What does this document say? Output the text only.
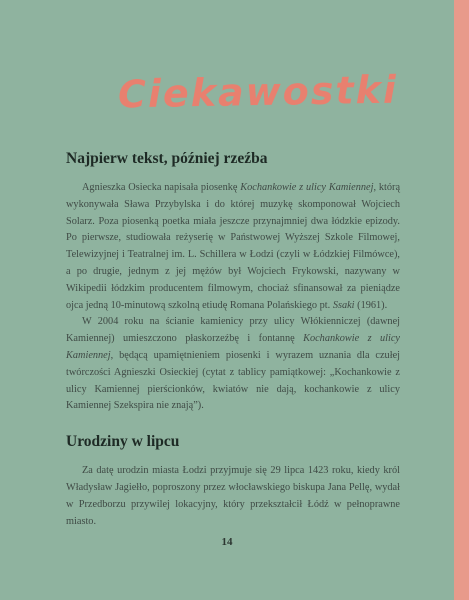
Ciekawostki
Najpierw tekst, później rzeźba

Agnieszka Osiecka napisała piosenkę Kochankowie z ulicy Kamiennej, którą wykonywała Sława Przybylska i do której muzykę skomponował Wojciech Solarz. Poza piosenką poetka miała jeszcze przynajmniej dwa łódzkie epizody. Po pierwsze, studiowała reżyserię w Państwowej Wyższej Szkole Filmowej, Telewizyjnej i Teatralnej im. L. Schillera w Łodzi (czyli w Łódzkiej Filmówce), a po drugie, jednym z jej mężów był Wojciech Frykowski, nazywany w Wikipedii łódzkim producentem filmowym, chociaż sfinansował za pieniądze ojca jedną 10-minutową szkolną etiudę Romana Polańskiego pt. Ssaki (1961).

W 2004 roku na ścianie kamienicy przy ulicy Włókienniczej (dawnej Kamiennej) umieszczono płaskorzeźbę i fontannę Kochankowie z ulicy Kamiennej, będącą upamiętnieniem piosenki i wyrazem uznania dla czułej twórczości Agnieszki Osieckiej (cytat z tablicy pamiątkowej: „Kochankowie z ulicy Kamiennej pierścionków, kwiatów nie dają, kochankowie z ulicy Kamiennej Szekspira nie znają”).

Urodziny w lipcu

Za datę urodzin miasta Łodzi przyjmuje się 29 lipca 1423 roku, kiedy król Władysław Jagiełło, poproszony przez włocławskiego biskupa Jana Pellę, wydał w Przedborzu przywilej lokacyjny, który przekształcił Łódź w pełnoprawne miasto.

14
